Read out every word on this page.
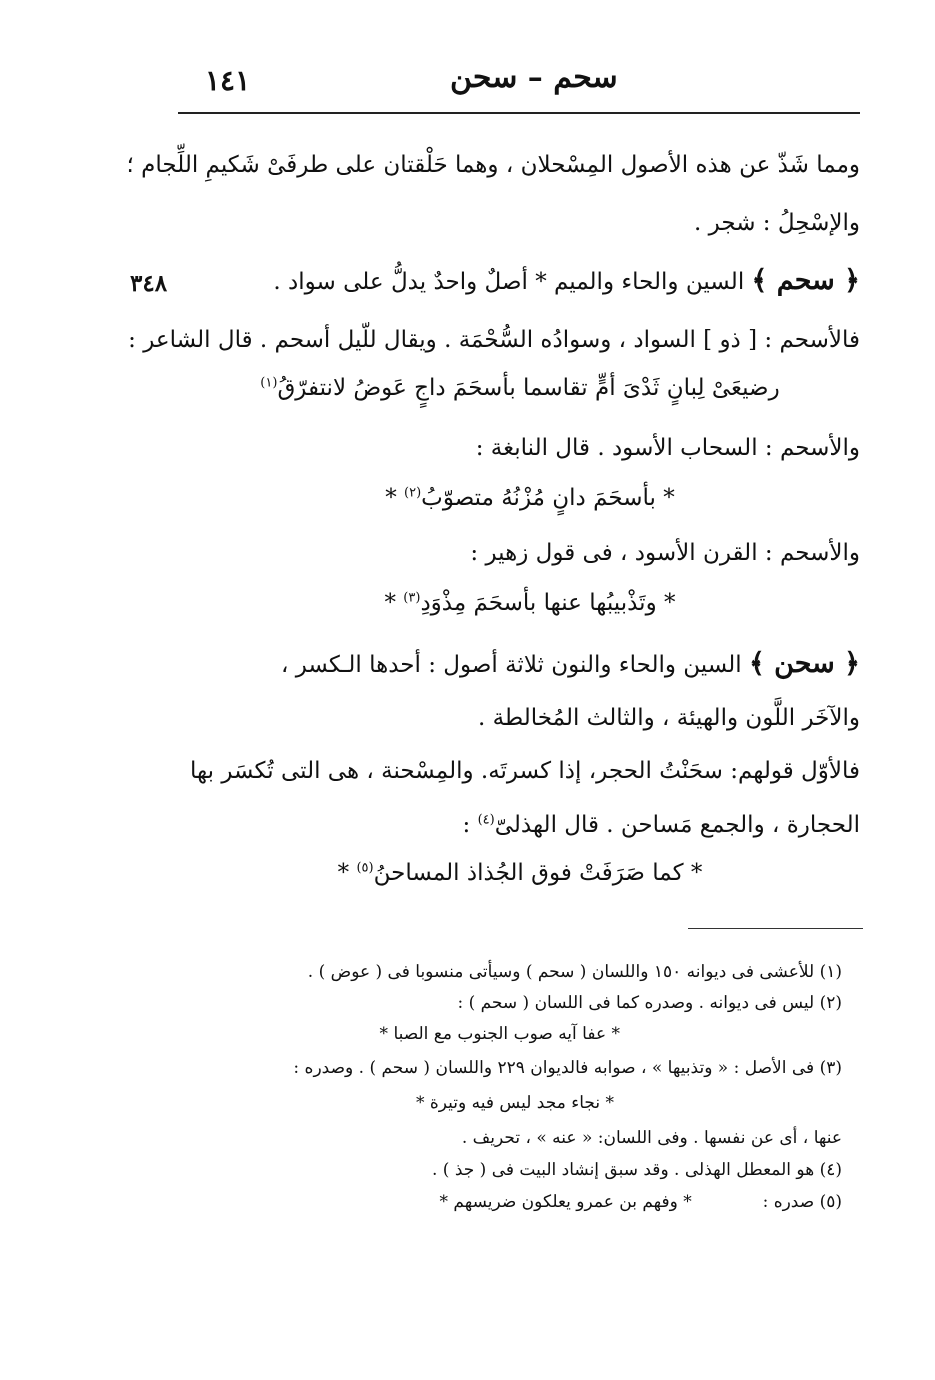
١٤١	سحم – سحن
ومما شَذّ عن هذه الأصول المِسْحلان ، وهما حَلْقتان على طرفَىْ شَكيمِ اللِّجام ؛
والإسْحِلُ : شجر .
﴿ سحم ﴾ السين والحاء والميم * أصلٌ واحدٌ يدلُّ على سواد .
٣٤٨
فالأسحم : [ ذو ] السواد ، وسوادُه السُّحْمَة . ويقال للّيل أسحم . قال الشاعر :
رضيعَىْ لِبانٍ ثَدْىَ أمٍّ تقاسما بأسحَمَ داجٍ عَوضُ لانتفرّقُ$^{(١)}$
والأسحم : السحاب الأسود . قال النابغة :
* بأسحَمَ دانٍ مُزْنُهُ متصوّبُ$^{(٢)}$ *
والأسحم : القرن الأسود ، فى قول زهير :
* وتَذْبيبُها عنها بأسحَمَ مِذْوَدِ$^{(٣)}$ *
﴿ سحن ﴾ السين والحاء والنون ثلاثة أصول : أحدها الـكسر ،
والآخَر اللَّون والهيئة ، والثالث المُخالطة .
فالأوّل قولهم: سحَنْتُ الحجر، إذا كسرتَه. والمِسْحنة ، هى التى تُكسَر بها
الحجارة ، والجمع مَساحن . قال الهذلىّ$^{(٤)}$ :
* كما صَرَفَتْ فوق الجُذاذ المساحنُ$^{(٥)}$ *
(١) للأعشى فى ديوانه ١٥٠ واللسان ( سحم ) وسيأتى منسوبا فى ( عوض ) .
(٢) ليس فى ديوانه . وصدره كما فى اللسان ( سحم ) :
* عفا آيه صوب الجنوب مع الصبا *
(٣) فى الأصل : « وتذبيها » ، صوابه فالديوان ٢٢٩ واللسان ( سحم ) . وصدره :
* نجاء مجد ليس فيه وتيرة *
عنها ، أى عن نفسها . وفى اللسان: « عنه » ، تحريف .
(٤) هو المعطل الهذلى . وقد سبق إنشاد البيت فى ( جذ ) .
(٥) صدره :  * وفهم بن عمرو يعلكون ضريسهم *
